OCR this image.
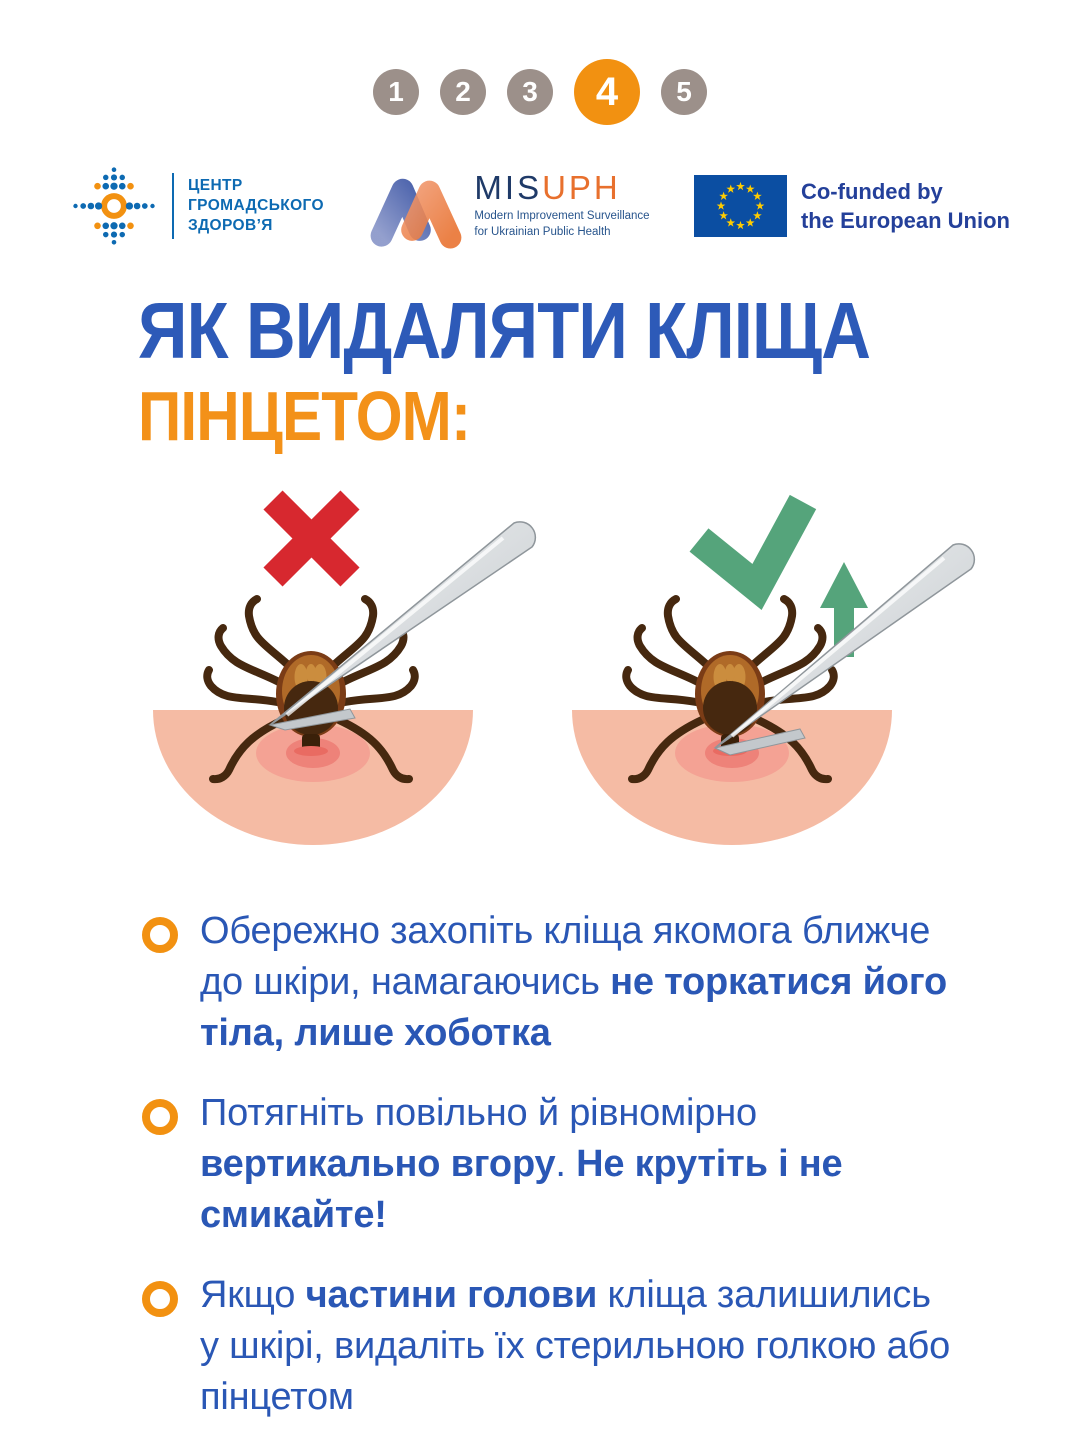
1	2	3	4	5
ЦЕНТР
ГРОМАДСЬКОГО
ЗДОРОВ’Я
MISUPH
Modern Improvement Surveillance
for Ukrainian Public Health
Co-funded by
the European Union
ЯК ВИДАЛЯТИ КЛІЩА
ПІНЦЕТОМ:
Обережно захопіть кліща якомога ближче до шкіри, намагаючись не торкатися його тіла, лише хоботка
Потягніть повільно й рівномірно вертикально вгору. Не крутіть і не смикайте!
Якщо частини голови кліща залишились у шкірі, видаліть їх стерильною голкою або пінцетом
